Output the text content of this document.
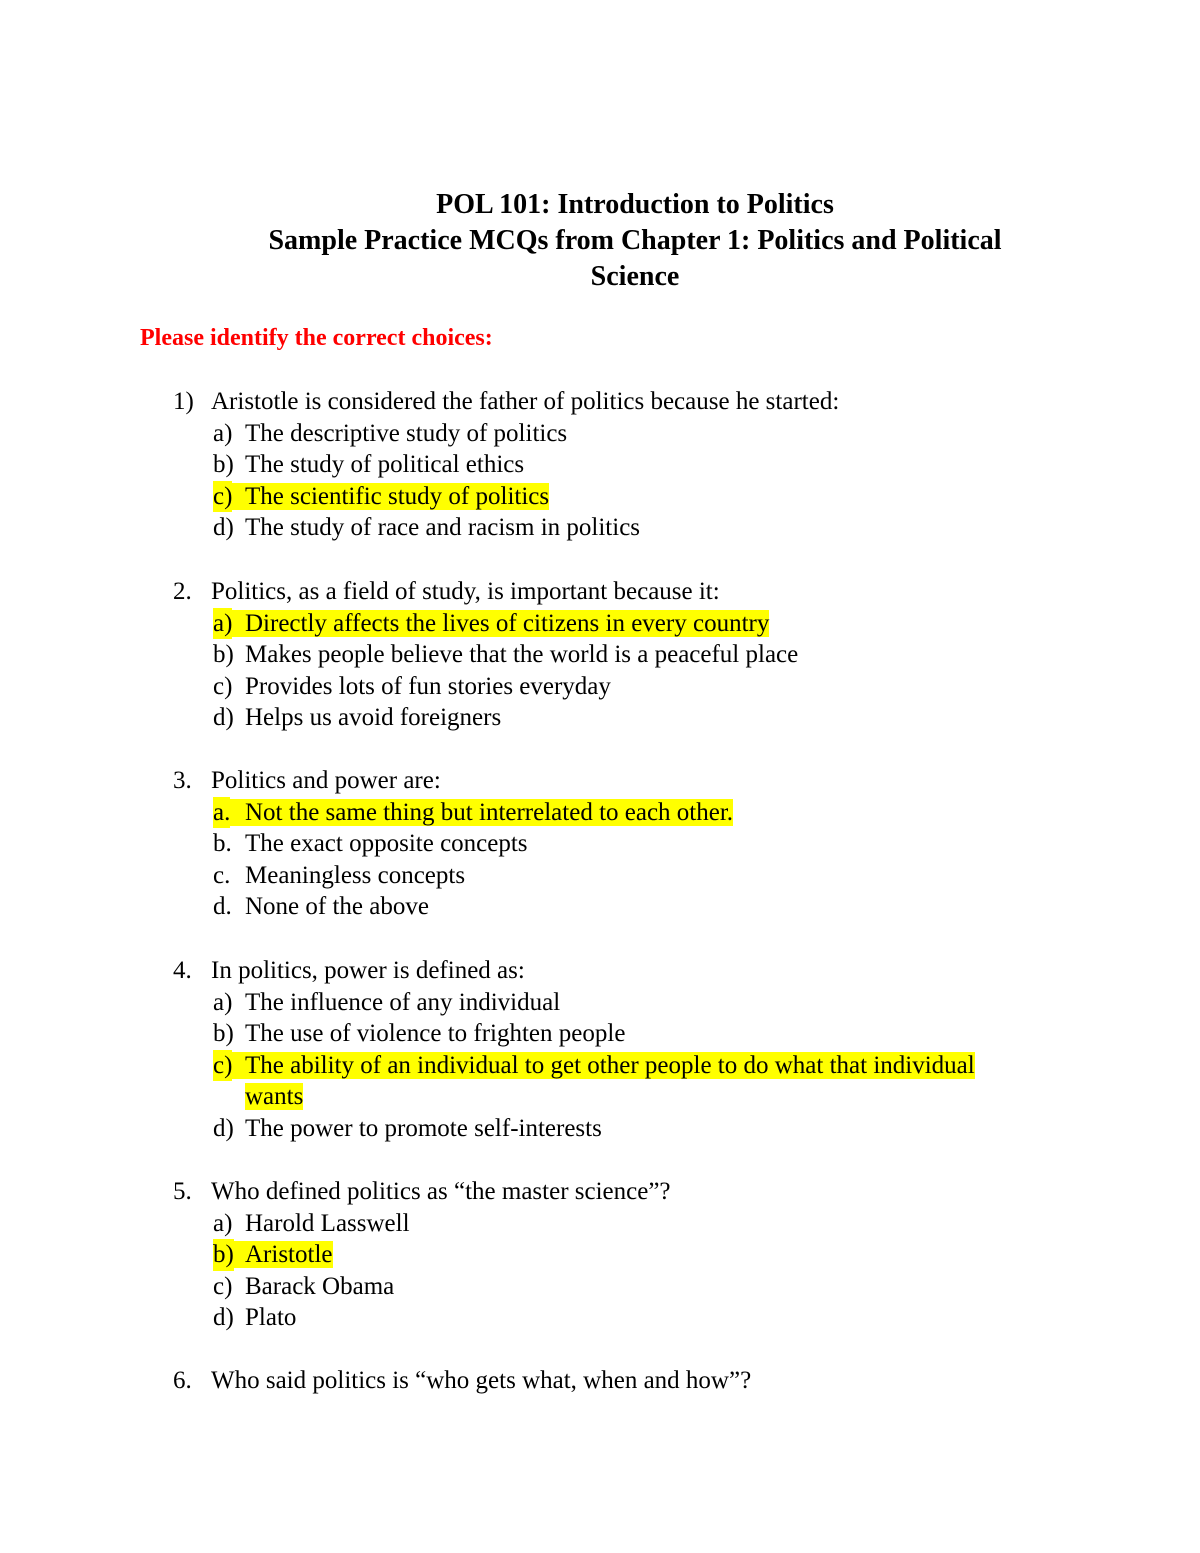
POL 101: Introduction to Politics
Sample Practice MCQs from Chapter 1: Politics and Political
Science
Please identify the correct choices:
1) Aristotle is considered the father of politics because he started:
a) The descriptive study of politics
b) The study of political ethics
c) The scientific study of politics
d) The study of race and racism in politics
2. Politics, as a field of study, is important because it:
a) Directly affects the lives of citizens in every country
b) Makes people believe that the world is a peaceful place
c) Provides lots of fun stories everyday
d) Helps us avoid foreigners
3. Politics and power are:
a. Not the same thing but interrelated to each other.
b. The exact opposite concepts
c. Meaningless concepts
d. None of the above
4. In politics, power is defined as:
a) The influence of any individual
b) The use of violence to frighten people
c) The ability of an individual to get other people to do what that individual
wants
d) The power to promote self-interests
5. Who defined politics as “the master science”?
a) Harold Lasswell
b) Aristotle
c) Barack Obama
d) Plato
6. Who said politics is “who gets what, when and how”?
